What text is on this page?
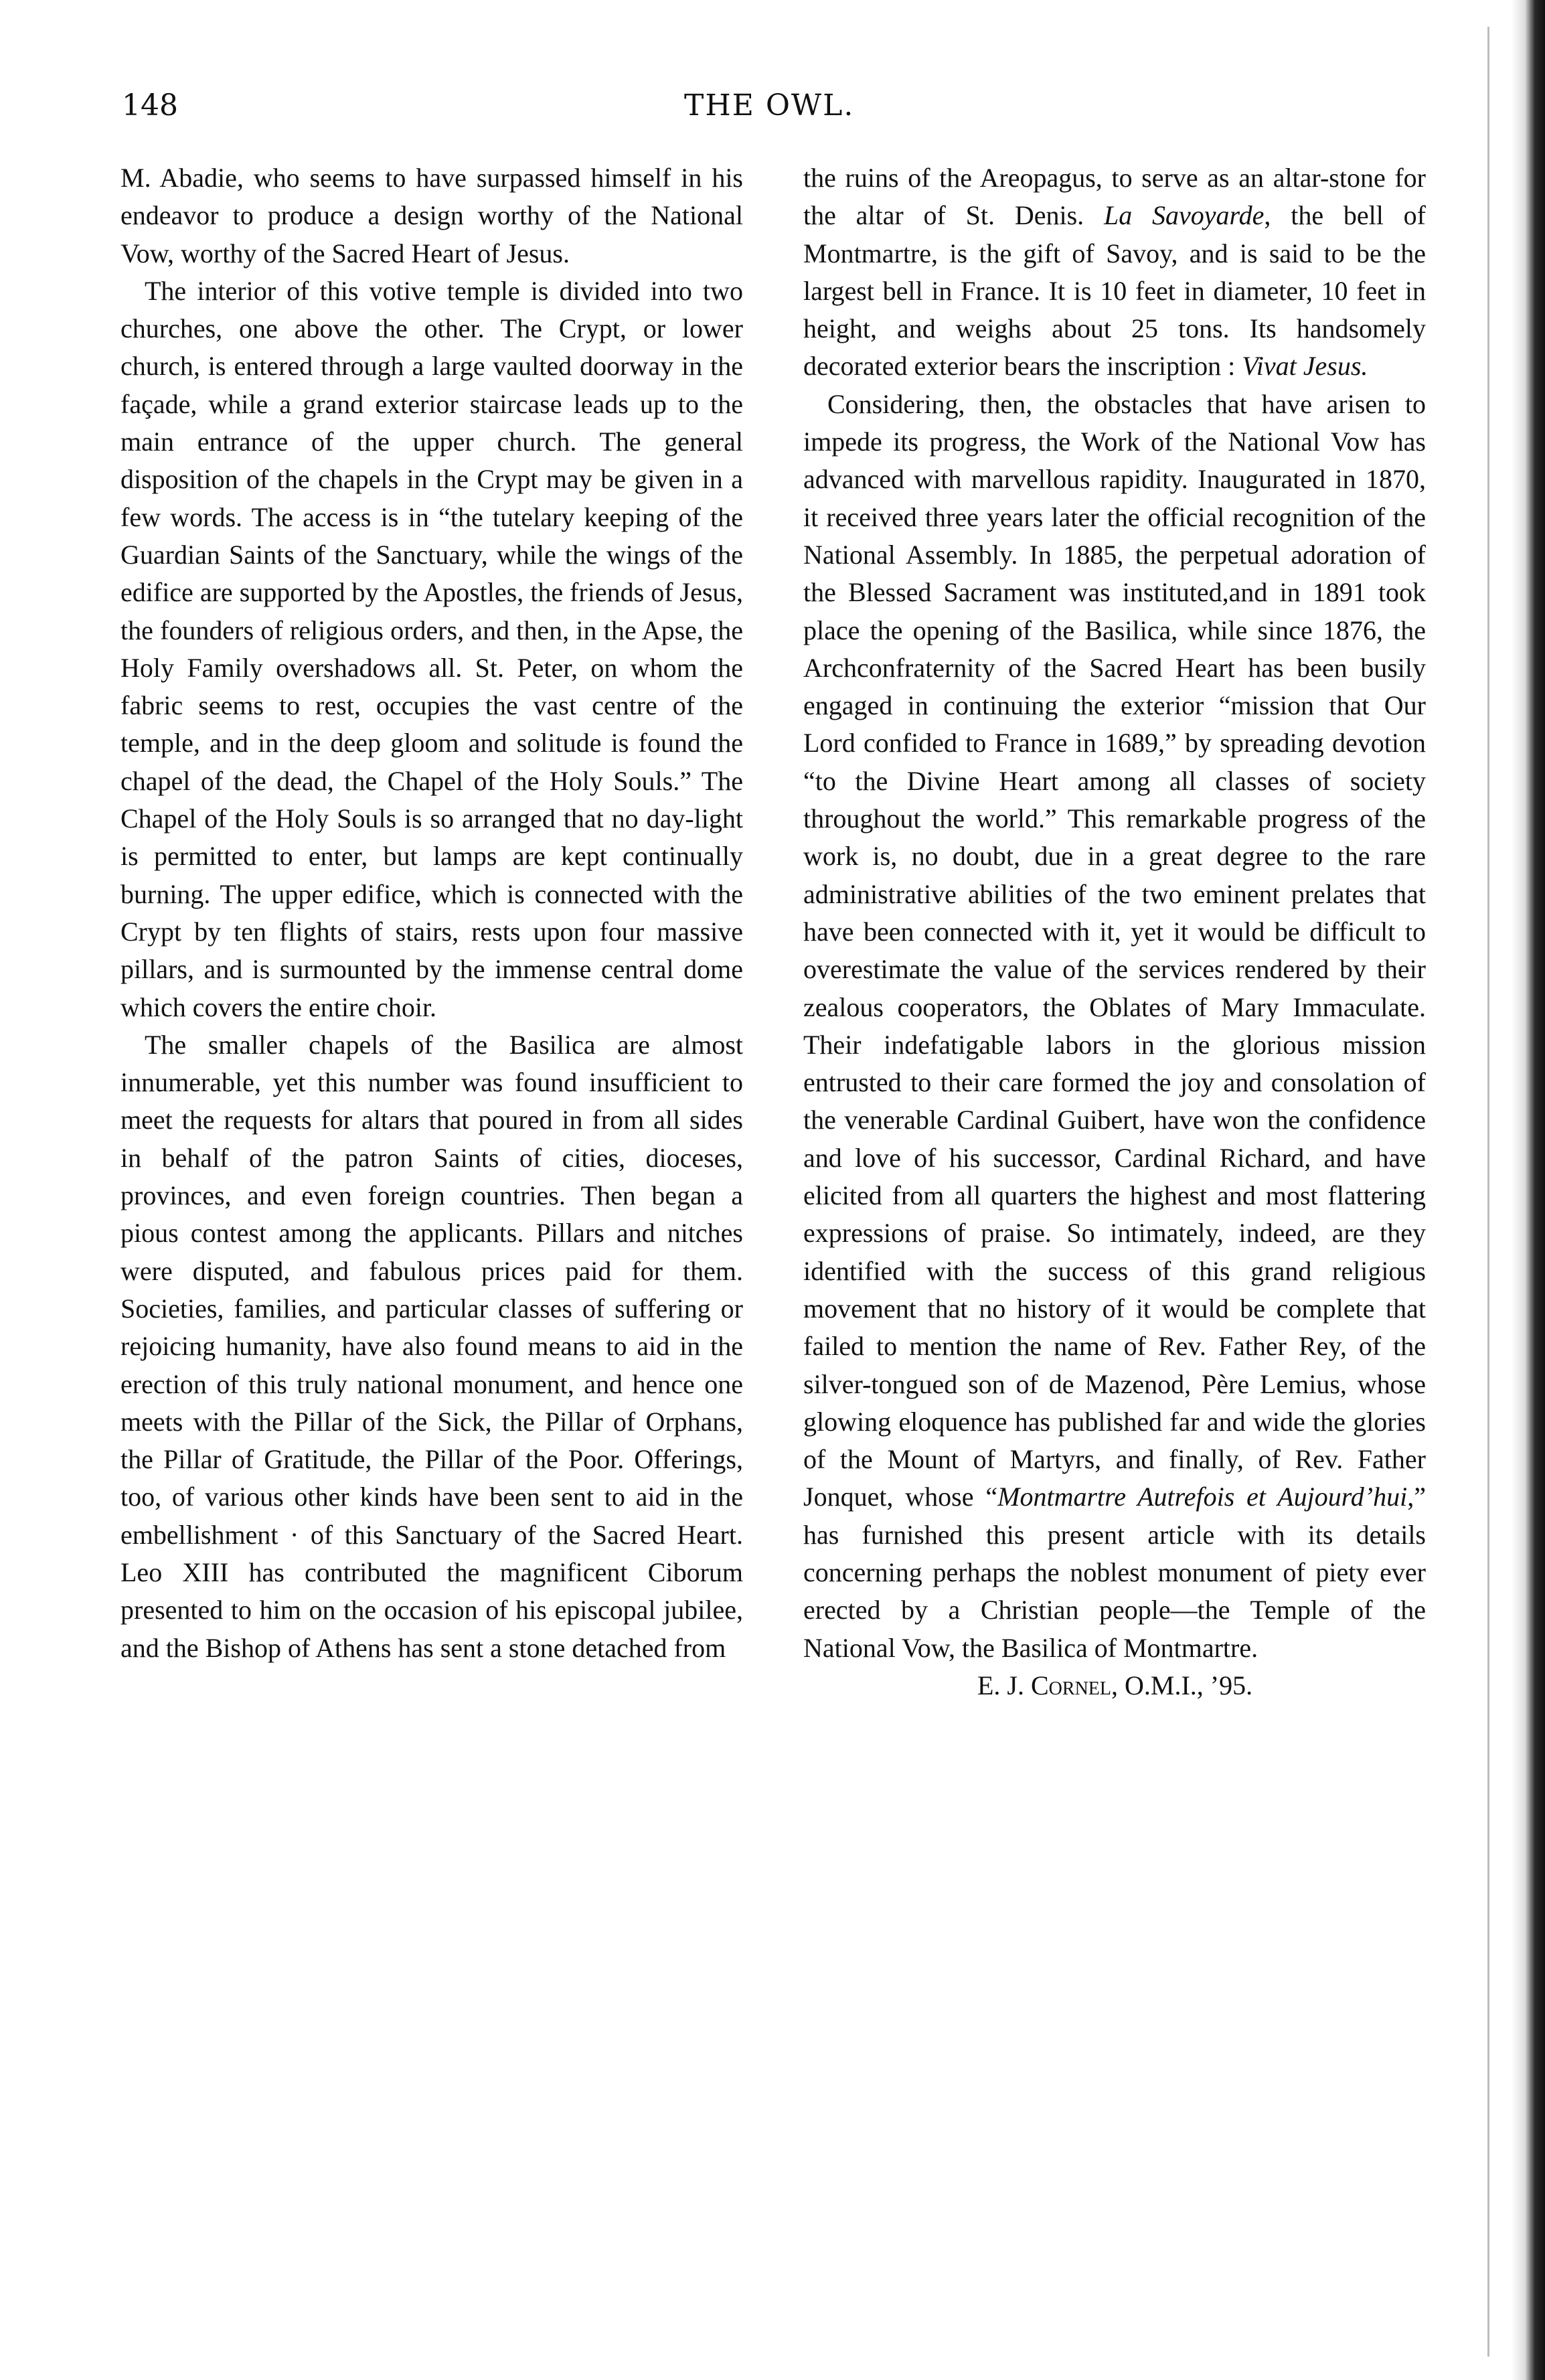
148	THE OWL.

M. Abadie, who seems to have surpassed himself in his endeavor to produce a design worthy of the National Vow, worthy of the Sacred Heart of Jesus.

The interior of this votive temple is divided into two churches, one above the other. The Crypt, or lower church, is entered through a large vaulted doorway in the façade, while a grand exterior staircase leads up to the main entrance of the upper church. The general disposition of the chapels in the Crypt may be given in a few words. The access is in “the tutelary keeping of the Guardian Saints of the Sanctuary, while the wings of the edifice are supported by the Apostles, the friends of Jesus, the founders of religious orders, and then, in the Apse, the Holy Family overshadows all. St. Peter, on whom the fabric seems to rest, occupies the vast centre of the temple, and in the deep gloom and solitude is found the chapel of the dead, the Chapel of the Holy Souls.” The Chapel of the Holy Souls is so arranged that no day-light is permitted to enter, but lamps are kept continually burning. The upper edifice, which is connected with the Crypt by ten flights of stairs, rests upon four massive pillars, and is surmounted by the immense central dome which covers the entire choir.

The smaller chapels of the Basilica are almost innumerable, yet this number was found insufficient to meet the requests for altars that poured in from all sides in behalf of the patron Saints of cities, dioceses, provinces, and even foreign countries. Then began a pious contest among the applicants. Pillars and nitches were disputed, and fabulous prices paid for them. Societies, families, and particular classes of suffering or rejoicing humanity, have also found means to aid in the erection of this truly national monument, and hence one meets with the Pillar of the Sick, the Pillar of Orphans, the Pillar of Gratitude, the Pillar of the Poor. Offerings, too, of various other kinds have been sent to aid in the embellishment · of this Sanctuary of the Sacred Heart. Leo XIII has contributed the magnificent Ciborum presented to him on the occasion of his episcopal jubilee, and the Bishop of Athens has sent a stone detached from

the ruins of the Areopagus, to serve as an altar-stone for the altar of St. Denis. La Savoyarde, the bell of Montmartre, is the gift of Savoy, and is said to be the largest bell in France. It is 10 feet in diameter, 10 feet in height, and weighs about 25 tons. Its handsomely decorated exterior bears the inscription : Vivat Jesus.

Considering, then, the obstacles that have arisen to impede its progress, the Work of the National Vow has advanced with marvellous rapidity. Inaugurated in 1870, it received three years later the official recognition of the National Assembly. In 1885, the perpetual adoration of the Blessed Sacrament was instituted,and in 1891 took place the opening of the Basilica, while since 1876, the Archconfraternity of the Sacred Heart has been busily engaged in continuing the exterior “mission that Our Lord confided to France in 1689,” by spreading devotion “to the Divine Heart among all classes of society throughout the world.” This remarkable progress of the work is, no doubt, due in a great degree to the rare administrative abilities of the two eminent prelates that have been connected with it, yet it would be difficult to overestimate the value of the services rendered by their zealous cooperators, the Oblates of Mary Immaculate. Their indefatigable labors in the glorious mission entrusted to their care formed the joy and consolation of the venerable Cardinal Guibert, have won the confidence and love of his successor, Cardinal Richard, and have elicited from all quarters the highest and most flattering expressions of praise. So intimately, indeed, are they identified with the success of this grand religious movement that no history of it would be complete that failed to mention the name of Rev. Father Rey, of the silver-tongued son of de Mazenod, Père Lemius, whose glowing eloquence has published far and wide the glories of the Mount of Martyrs, and finally, of Rev. Father Jonquet, whose “Montmartre Autrefois et Aujourd’hui,” has furnished this present article with its details concerning perhaps the noblest monument of piety ever erected by a Christian people—the Temple of the National Vow, the Basilica of Montmartre.

E. J. Cornel, O.M.I., ’95.
